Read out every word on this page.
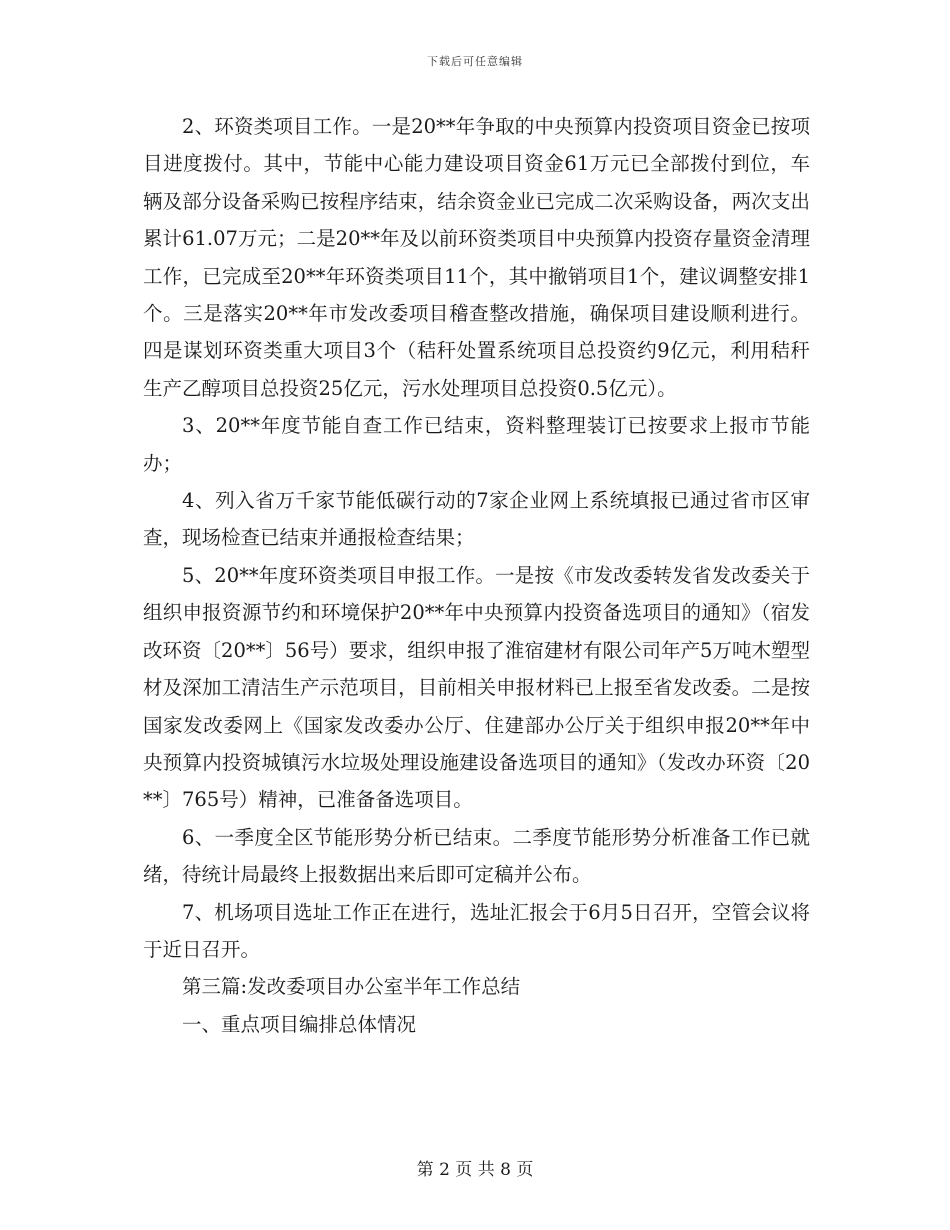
下载后可任意编辑

2、环资类项目工作。一是20**年争取的中央预算内投资项目资金已按项目进度拨付。其中，节能中心能力建设项目资金61万元已全部拨付到位，车辆及部分设备采购已按程序结束，结余资金业已完成二次采购设备，两次支出累计61.07万元；二是20**年及以前环资类项目中央预算内投资存量资金清理工作，已完成至20**年环资类项目11个，其中撤销项目1个，建议调整安排1个。三是落实20**年市发改委项目稽查整改措施，确保项目建设顺利进行。四是谋划环资类重大项目3个（秸秆处置系统项目总投资约9亿元，利用秸秆生产乙醇项目总投资25亿元，污水处理项目总投资0.5亿元）。

3、20**年度节能自查工作已结束，资料整理装订已按要求上报市节能办；

4、列入省万千家节能低碳行动的7家企业网上系统填报已通过省市区审查，现场检查已结束并通报检查结果；

5、20**年度环资类项目申报工作。一是按《市发改委转发省发改委关于组织申报资源节约和环境保护20**年中央预算内投资备选项目的通知》（宿发改环资〔20**〕56号）要求，组织申报了淮宿建材有限公司年产5万吨木塑型材及深加工清洁生产示范项目，目前相关申报材料已上报至省发改委。二是按国家发改委网上《国家发改委办公厅、住建部办公厅关于组织申报20**年中央预算内投资城镇污水垃圾处理设施建设备选项目的通知》（发改办环资〔20**〕765号）精神，已准备备选项目。

6、一季度全区节能形势分析已结束。二季度节能形势分析准备工作已就绪，待统计局最终上报数据出来后即可定稿并公布。

7、机场项目选址工作正在进行，选址汇报会于6月5日召开，空管会议将于近日召开。

第三篇:发改委项目办公室半年工作总结

一、重点项目编排总体情况

第 2 页 共 8 页
